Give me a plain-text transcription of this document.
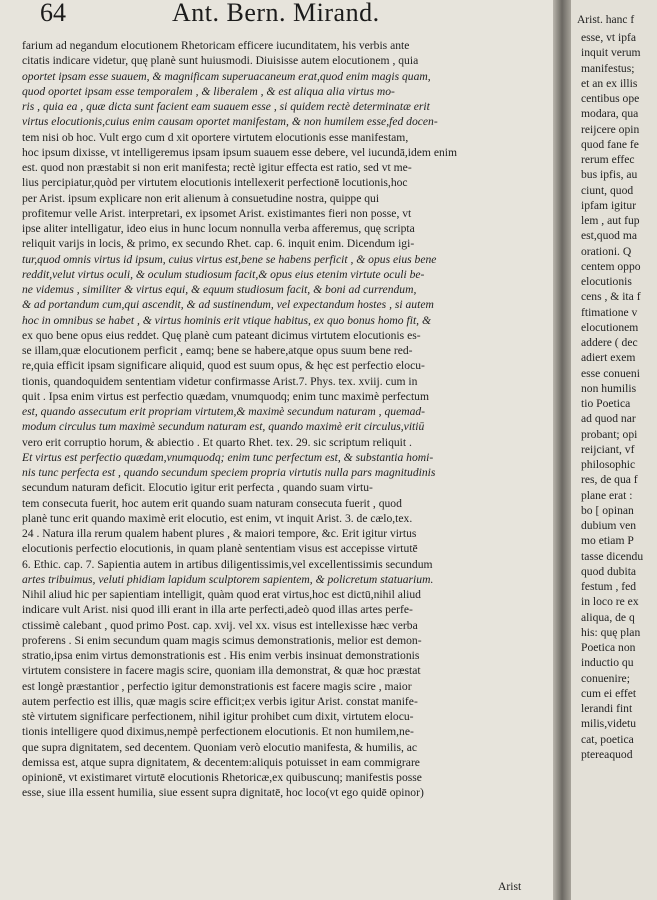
64	Ant. Bern. Mirand.
farium ad negandum elocutionem Rhetoricam efficere iucunditatem, his verbis ante
citatis indicare videtur, quę planè sunt huiusmodi. Diuisisse autem elocutionem , quia
oportet ipsam esse suauem, & magnificam superuacaneum erat,quod enim magis quam,
quod oportet ipsam esse temporalem , & liberalem , & est aliqua alia virtus mo-
ris , quia ea , quæ dicta sunt facient eam suauem esse , si quidem rectè determinatæ erit
virtus elocutionis,cuius enim causam oportet manifestam, & non humilem esse,fed docen-
tem nisi ob hoc. Vult ergo cum d xit oportere virtutem elocutionis esse manifestam,
hoc ipsum dixisse, vt intelligeremus ipsam ipsum suauem esse debere, vel iucundā,idem enim
est. quod non præstabit si non erit manifesta; rectè igitur effecta est ratio, sed vt me-
lius percipiatur,quòd per virtutem elocutionis intellexerit perfectionē locutionis,hoc
per Arist. ipsum explicare non erit alienum à consuetudine nostra, quippe qui
profitemur velle Arist. interpretari, ex ipsomet Arist. existimantes fieri non posse, vt
ipse aliter intelligatur, ideo eius in hunc locum nonnulla verba afferemus, quę scripta
reliquit varijs in locis, & primo, ex secundo Rhet. cap. 6. inquit enim. Dicendum igi-
tur,quod omnis virtus id ipsum, cuius virtus est,bene se habens perficit , & opus eius bene
reddit,velut virtus oculi, & oculum studiosum facit,& opus eius etenim virtute oculi be-
ne videmus , similiter & virtus equi, & equum studiosum facit, & boni ad currendum,
& ad portandum cum,qui ascendit, & ad sustinendum, vel expectandum hostes , si autem
hoc in omnibus se habet , & virtus hominis erit vtique habitus, ex quo bonus homo fit, &
ex quo bene opus eius reddet. Quę planè cum pateant dicimus virtutem elocutionis es-
se illam,quæ elocutionem perficit , eamq; bene se habere,atque opus suum bene red-
re,quia efficit ipsam significare aliquid, quod est suum opus, & hęc est perfectio elocu-
tionis, quandoquidem sententiam videtur confirmasse Arist.7. Phys. tex. xviij. cum in
quit . Ipsa enim virtus est perfectio quædam, vnumquodq; enim tunc maximè perfectum
est, quando assecutum erit propriam virtutem,& maximè secundum naturam , quemad-
modum circulus tum maximè secundum naturam est, quando maximè erit circulus,vitiū
vero erit corruptio horum, & abiectio . Et quarto Rhet. tex. 29. sic scriptum reliquit .
Et virtus est perfectio quædam,vnumquodq; enim tunc perfectum est, & substantia homi-
nis tunc perfecta est , quando secundum speciem propria virtutis nulla pars magnitudinis
secundum naturam deficit. Elocutio igitur erit perfecta , quando suam virtu-
tem consecuta fuerit, hoc autem erit quando suam naturam consecuta fuerit , quod
planè tunc erit quando maximè erit elocutio, est enim, vt inquit Arist. 3. de cælo,tex.
24 . Natura illa rerum qualem habent plures , & maiori tempore, &c. Erit igitur virtus
elocutionis perfectio elocutionis, in quam planè sententiam visus est accepisse virtutē
6. Ethic. cap. 7. Sapientia autem in artibus diligentissimis,vel excellentissimis secundum
artes tribuimus, veluti phidiam lapidum sculptorem sapientem, & policretum statuarium.
Nihil aliud hic per sapientiam intelligit, quàm quod erat virtus,hoc est dictū,nihil aliud
indicare vult Arist. nisi quod illi erant in illa arte perfecti,adeò quod illas artes perfe-
ctissimè calebant , quod primo Post. cap. xvij. vel xx. visus est intellexisse hæc verba
proferens . Si enim secundum quam magis scimus demonstrationis, melior est demon-
stratio,ipsa enim virtus demonstrationis est . His enim verbis insinuat demonstrationis
virtutem consistere in facere magis scire, quoniam illa demonstrat, & quæ hoc præstat
est longè præstantior , perfectio igitur demonstrationis est facere magis scire , maior
autem perfectio est illis, quæ magis scire efficit;ex verbis igitur Arist. constat manife-
stè virtutem significare perfectionem, nihil igitur prohibet cum dixit, virtutem elocu-
tionis intelligere quod diximus,nempè perfectionem elocutionis. Et non humilem,ne-
que supra dignitatem, sed decentem. Quoniam verò elocutio manifesta, & humilis, ac
demissa est, atque supra dignitatem, & decentem:aliquis potuisset in eam commigrare
opinionē, vt existimaret virtutē elocutionis Rhetoricæ,ex quibuscunq; manifestis posse
esse, siue illa essent humilia, siue essent supra dignitatē, hoc loco(vt ego quidē opinor)
Arist
Arist. hanc f
esse, vt ipfa
inquit verum
manifestus;
et an ex illis
centibus ope
modara, qua
reijcere opin
quod fane fe
rerum effec
bus ipfis, au
ciunt, quod
ipfam igitur
lem , aut fup
est,quod ma
orationi. Q
centem oppo
elocutionis
cens , & ita f
ftimatione v
elocutionem
addere ( dec
adiert exem
esse conueni
non humilis
tio Poetica
ad quod nar
probant; opi
reijciant, vf
philosophic
res, de qua f
plane erat :
bo [ opinan
dubium ven
mo etiam P
tasse dicendu
quod dubita
festum , fed
in loco re ex
aliqua, de q
his: quę plan
Poetica non
inductio qu
conuenire;
cum ei effet
lerandi fint
milis,videtu
cat, poetica
ptereaquod
